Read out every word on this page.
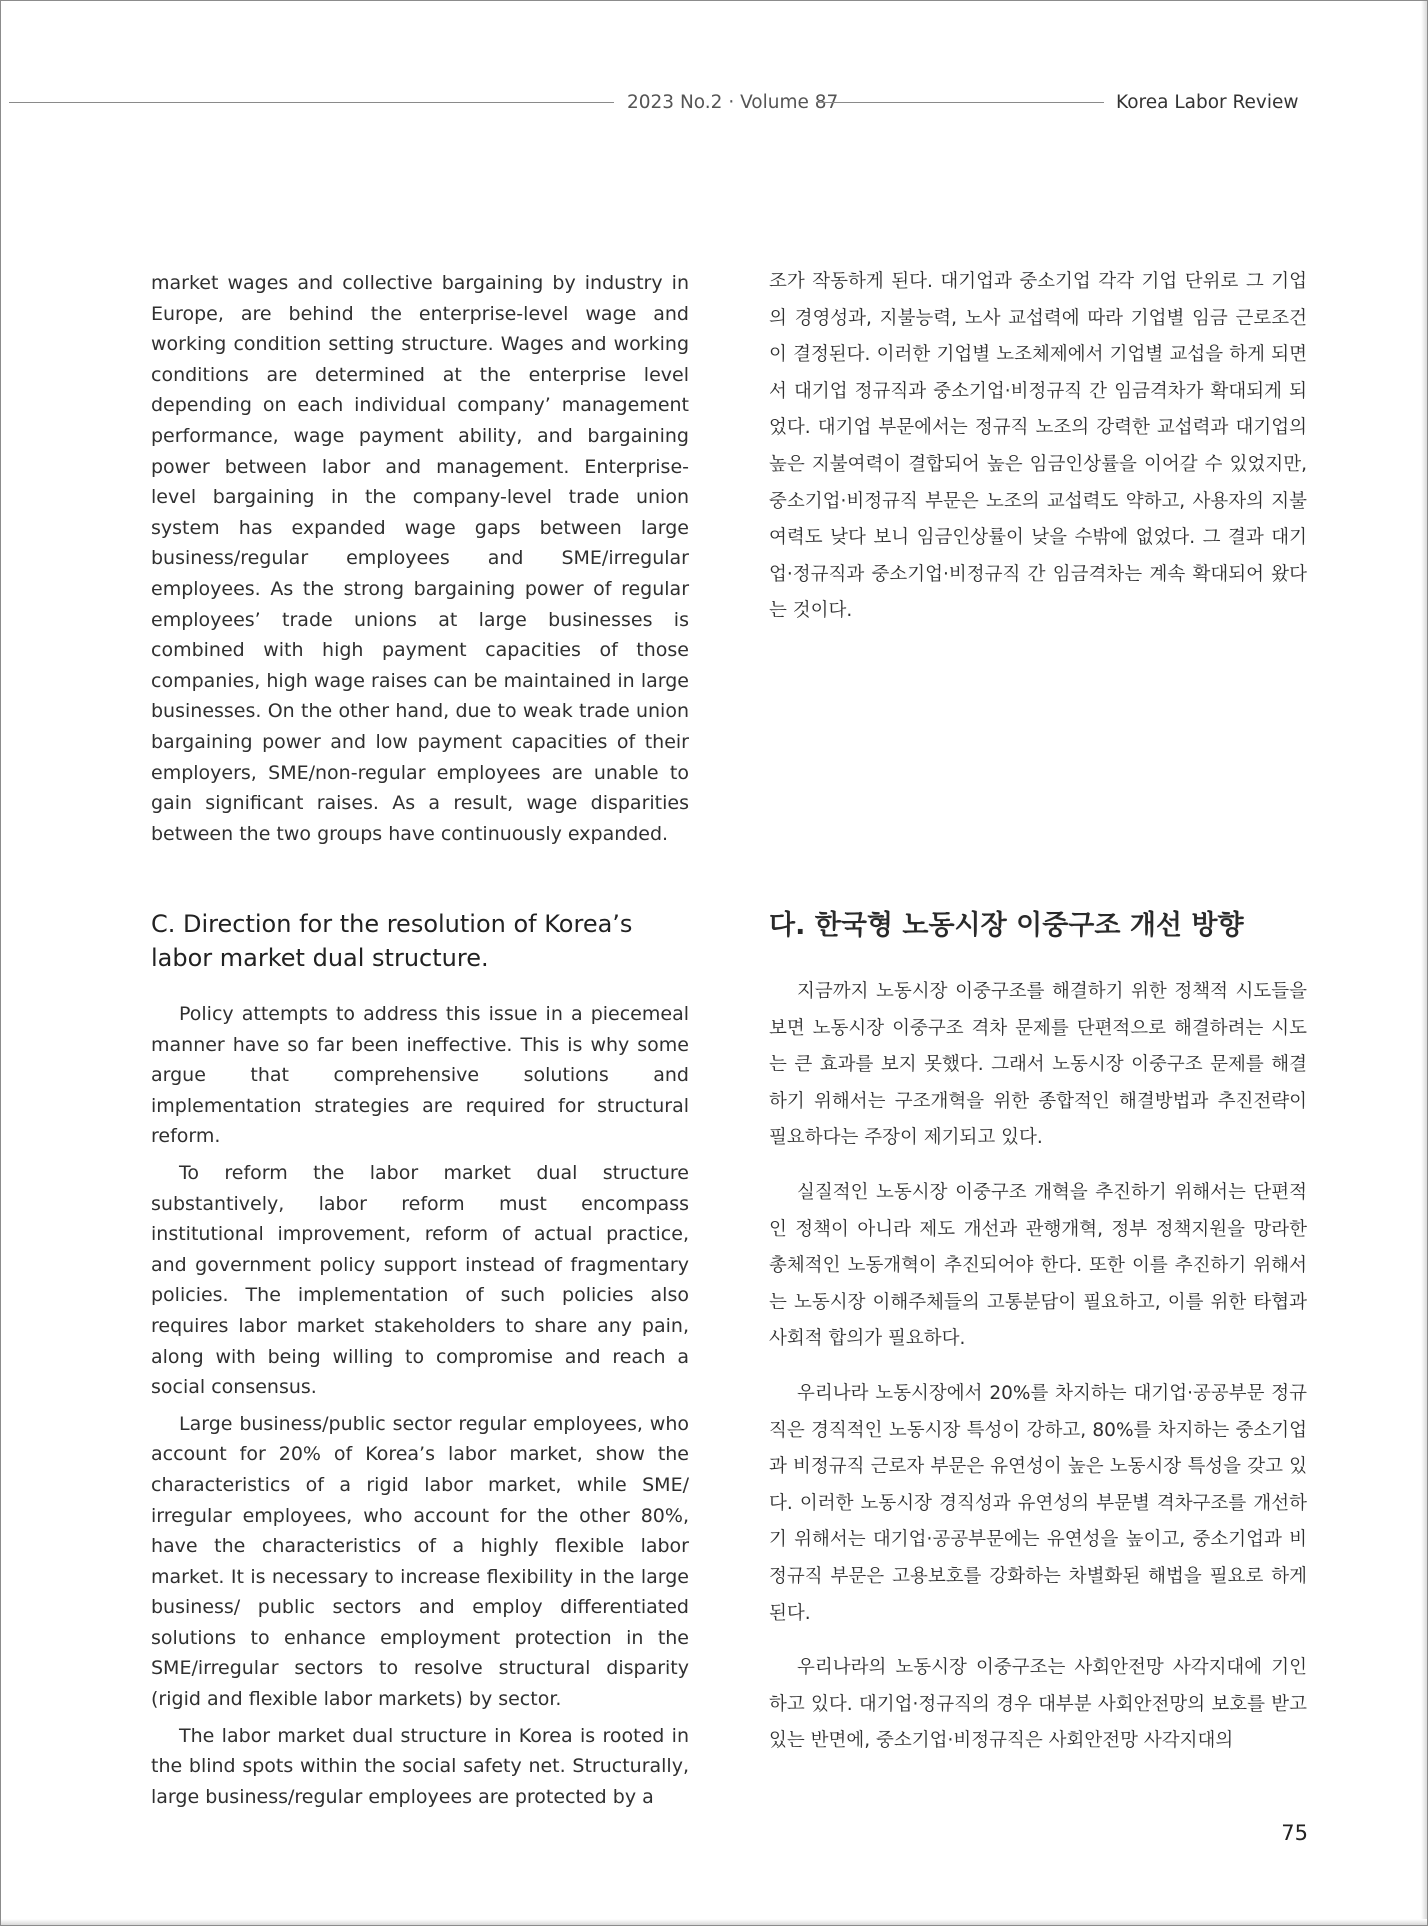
2023 No.2 · Volume 87	Korea Labor Review

market wages and collective bargaining by industry in Europe, are behind the enterprise-level wage and working condition setting structure. Wages and working conditions are determined at the enterprise level depending on each individual company’ management performance, wage payment ability, and bargaining power between labor and management. Enterprise-level bargaining in the company-level trade union system has expanded wage gaps between large business/regular employees and SME/irregular employees. As the strong bargaining power of regular employees’ trade unions at large businesses is combined with high payment capacities of those companies, high wage raises can be maintained in large businesses. On the other hand, due to weak trade union bargaining power and low payment capacities of their employers, SME/non-regular employees are unable to gain significant raises. As a result, wage disparities between the two groups have continuously expanded.

조가 작동하게 된다. 대기업과 중소기업 각각 기업 단위로 그 기업의 경영성과, 지불능력, 노사 교섭력에 따라 기업별 임금 근로조건이 결정된다. 이러한 기업별 노조체제에서 기업별 교섭을 하게 되면서 대기업 정규직과 중소기업·비정규직 간 임금격차가 확대되게 되었다. 대기업 부문에서는 정규직 노조의 강력한 교섭력과 대기업의 높은 지불여력이 결합되어 높은 임금인상률을 이어갈 수 있었지만, 중소기업·비정규직 부문은 노조의 교섭력도 약하고, 사용자의 지불여력도 낮다 보니 임금인상률이 낮을 수밖에 없었다. 그 결과 대기업·정규직과 중소기업·비정규직 간 임금격차는 계속 확대되어 왔다는 것이다.

C. Direction for the resolution of Korea’s labor market dual structure.

Policy attempts to address this issue in a piecemeal manner have so far been ineffective. This is why some argue that comprehensive solutions and implementation strategies are required for structural reform.

To reform the labor market dual structure substantively, labor reform must encompass institutional improvement, reform of actual practice, and government policy support instead of fragmentary policies. The implementation of such policies also requires labor market stakeholders to share any pain, along with being willing to compromise and reach a social consensus.

Large business/public sector regular employees, who account for 20% of Korea’s labor market, show the characteristics of a rigid labor market, while SME/ irregular employees, who account for the other 80%, have the characteristics of a highly flexible labor market. It is necessary to increase flexibility in the large business/ public sectors and employ differentiated solutions to enhance employment protection in the SME/irregular sectors to resolve structural disparity (rigid and flexible labor markets) by sector.

The labor market dual structure in Korea is rooted in the blind spots within the social safety net. Structurally, large business/regular employees are protected by a

다. 한국형 노동시장 이중구조 개선 방향

지금까지 노동시장 이중구조를 해결하기 위한 정책적 시도들을 보면 노동시장 이중구조 격차 문제를 단편적으로 해결하려는 시도는 큰 효과를 보지 못했다. 그래서 노동시장 이중구조 문제를 해결하기 위해서는 구조개혁을 위한 종합적인 해결방법과 추진전략이 필요하다는 주장이 제기되고 있다.

실질적인 노동시장 이중구조 개혁을 추진하기 위해서는 단편적인 정책이 아니라 제도 개선과 관행개혁, 정부 정책지원을 망라한 총체적인 노동개혁이 추진되어야 한다. 또한 이를 추진하기 위해서는 노동시장 이해주체들의 고통분담이 필요하고, 이를 위한 타협과 사회적 합의가 필요하다.

우리나라 노동시장에서 20%를 차지하는 대기업·공공부문 정규직은 경직적인 노동시장 특성이 강하고, 80%를 차지하는 중소기업과 비정규직 근로자 부문은 유연성이 높은 노동시장 특성을 갖고 있다. 이러한 노동시장 경직성과 유연성의 부문별 격차구조를 개선하기 위해서는 대기업·공공부문에는 유연성을 높이고, 중소기업과 비정규직 부문은 고용보호를 강화하는 차별화된 해법을 필요로 하게 된다.

우리나라의 노동시장 이중구조는 사회안전망 사각지대에 기인하고 있다. 대기업·정규직의 경우 대부분 사회안전망의 보호를 받고 있는 반면에, 중소기업·비정규직은 사회안전망 사각지대의

75
